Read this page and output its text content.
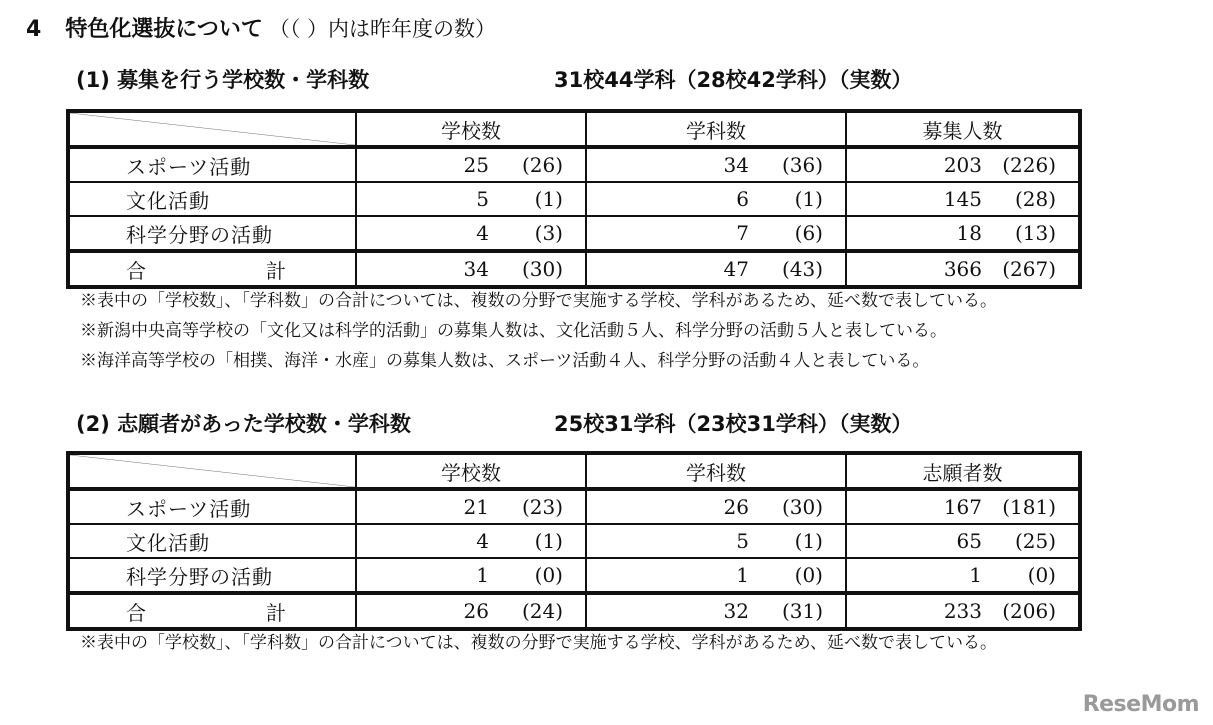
4 特色化選抜について （（ ）内は昨年度の数）
(1) 募集を行う学校数・学科数	31校44学科（28校42学科）（実数）
	学校数	学科数	募集人数
スポーツ活動	25 (26)	34 (36)	203 (226)
文化活動	5 (1)	6 (1)	145 (28)
科学分野の活動	4 (3)	7 (6)	18 (13)
合 計	34 (30)	47 (43)	366 (267)
※表中の「学校数」、「学科数」の合計については、複数の分野で実施する学校、学科があるため、延べ数で表している。
※新潟中央高等学校の「文化又は科学的活動」の募集人数は、文化活動５人、科学分野の活動５人と表している。
※海洋高等学校の「相撲、海洋・水産」の募集人数は、スポーツ活動４人、科学分野の活動４人と表している。
(2) 志願者があった学校数・学科数	25校31学科（23校31学科）（実数）
	学校数	学科数	志願者数
スポーツ活動	21 (23)	26 (30)	167 (181)
文化活動	4 (1)	5 (1)	65 (25)
科学分野の活動	1 (0)	1 (0)	1 (0)
合 計	26 (24)	32 (31)	233 (206)
※表中の「学校数」、「学科数」の合計については、複数の分野で実施する学校、学科があるため、延べ数で表している。
ReseMom
